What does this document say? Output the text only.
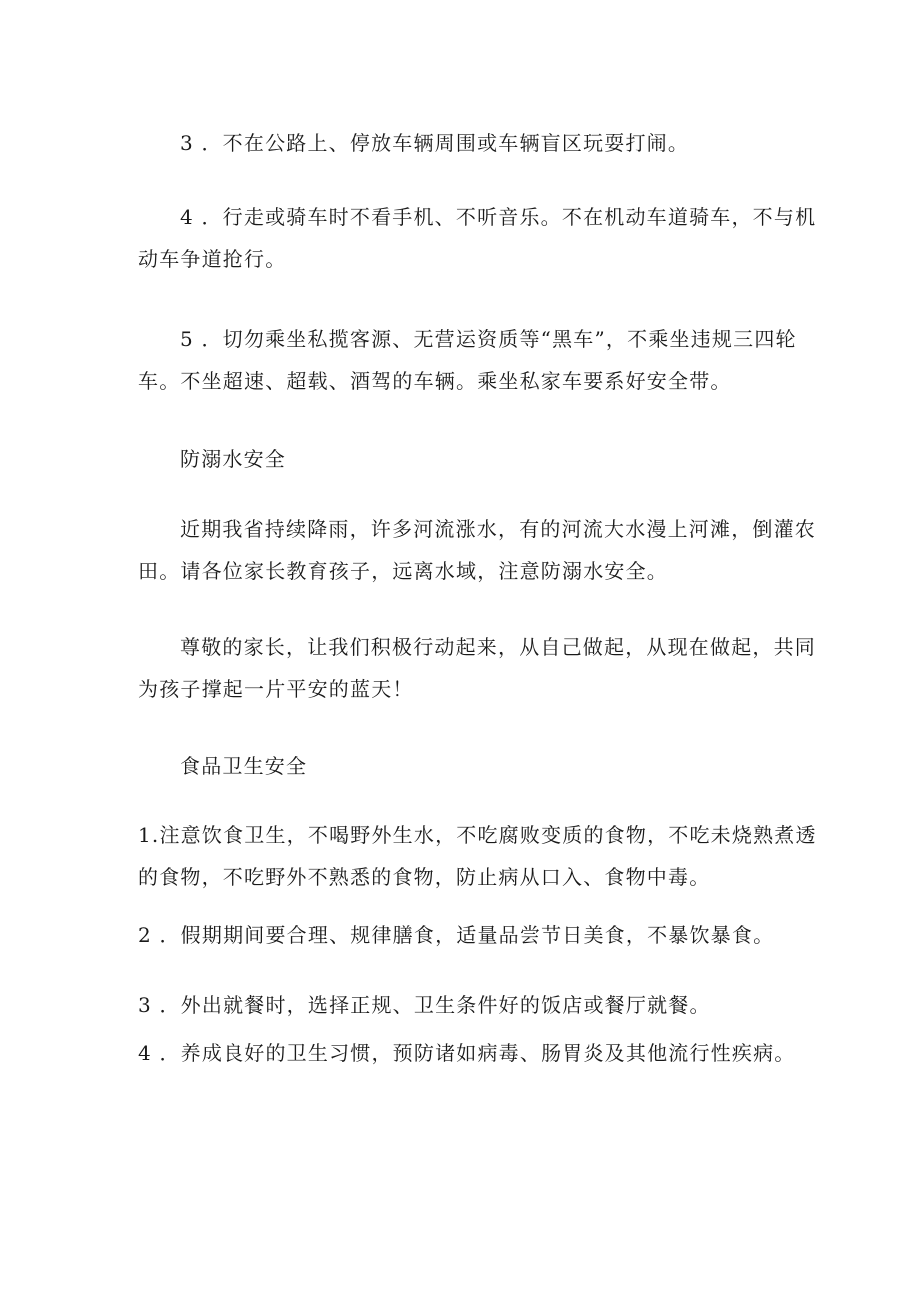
3 ．不在公路上、停放车辆周围或车辆盲区玩耍打闹。

4 ．行走或骑车时不看手机、不听音乐。不在机动车道骑车，不与机
动车争道抢行。

5 ．切勿乘坐私揽客源、无营运资质等“黑车”，不乘坐违规三四轮
车。不坐超速、超载、酒驾的车辆。乘坐私家车要系好安全带。

防溺水安全

近期我省持续降雨，许多河流涨水，有的河流大水漫上河滩，倒灌农
田。请各位家长教育孩子，远离水域，注意防溺水安全。

尊敬的家长，让我们积极行动起来，从自己做起，从现在做起，共同
为孩子撑起一片平安的蓝天！

食品卫生安全

1.注意饮食卫生，不喝野外生水，不吃腐败变质的食物，不吃未烧熟煮透
的食物，不吃野外不熟悉的食物，防止病从口入、食物中毒。

2 ．假期期间要合理、规律膳食，适量品尝节日美食，不暴饮暴食。

3 ．外出就餐时，选择正规、卫生条件好的饭店或餐厅就餐。

4 ．养成良好的卫生习惯，预防诸如病毒、肠胃炎及其他流行性疾病。
